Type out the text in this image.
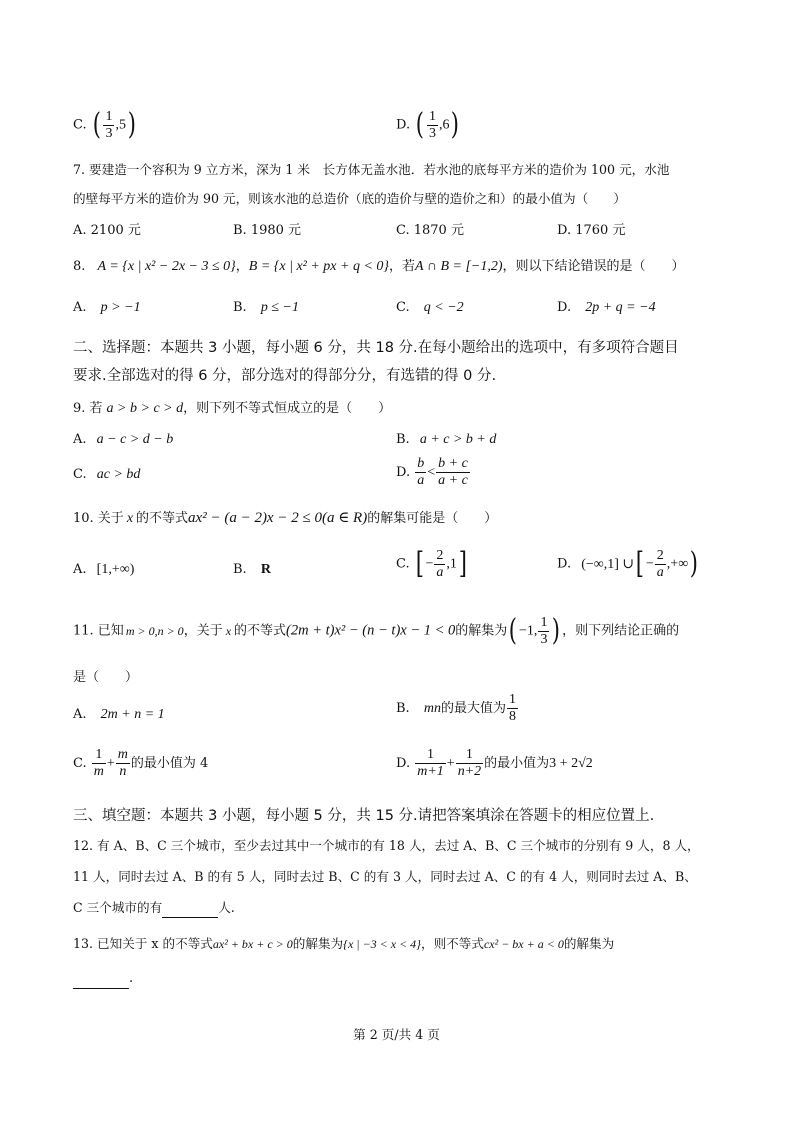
C. ( $\frac{1}{3} ,5$)	D. ( $\frac{1}{3} ,6$)
7. 要建造一个容积为 9 立方米，深为 1 米　长方体无盖水池．若水池的底每平方米的造价为 100 元，水池
的壁每平方米的造价为 90 元，则该水池的总造价（底的造价与壁的造价之和）的最小值为（　　）
A. 2100 元	B. 1980 元	C. 1870 元	D. 1760 元
8. A = {x | x² − 2x − 3 ≤ 0}，B = {x | x² + px + q < 0}，若A ∩ B = [−1,2)，则以下结论错误的是（　　）
A. p > −1	B. p ≤ −1	C. q < −2	D. 2p + q = −4
二、选择题：本题共 3 小题，每小题 6 分，共 18 分.在每小题给出的选项中，有多项符合题目
要求.全部选对的得 6 分，部分选对的得部分分，有选错的得 0 分.
9. 若 a > b > c > d，则下列不等式恒成立的是（　　）
A. a − c > d − b	B. a + c > b + d
C. ac > bd	D. $\frac{b}{a} < \frac{b + c}{a + c}$
10. 关于 x 的不等式ax² − (a − 2)x − 2 ≤ 0(a ∈ R)的解集可能是（　　）
A. [1,+∞)	B. R	C. [ − $\frac{2}{a} ,1$]	D. (−∞,1] ∪[ − $\frac{2}{a}$ ,+∞)
11. 已知 m > 0,n > 0，关于 x 的不等式(2m + t)x² − (n − t)x − 1 < 0的解集为( −1, $\frac{1}{3}$ ) ，则下列结论正确的
是（　　）
A. 2m + n = 1	B. mn的最大值为 $\frac{1}{8}$
C. $\frac{1}{m} + \frac{m}{n}$ 的最小值为 4	D. $\frac{1}{m+1} + \frac{1}{n+2}$ 的最小值为3 + 2√2
三、填空题：本题共 3 小题，每小题 5 分，共 15 分.请把答案填涂在答题卡的相应位置上.
12. 有 A、B、C 三个城市，至少去过其中一个城市的有 18 人，去过 A、B、C 三个城市的分别有 9 人，8 人，
11 人，同时去过 A、B 的有 5 人，同时去过 B、C 的有 3 人，同时去过 A、C 的有 4 人，则同时去过 A、B、
C 三个城市的有	人.
13. 已知关于 x 的不等式ax² + bx + c > 0的解集为{x | −3 < x < 4}，则不等式cx² − bx + a < 0的解集为
.
第 2 页/共 4 页
